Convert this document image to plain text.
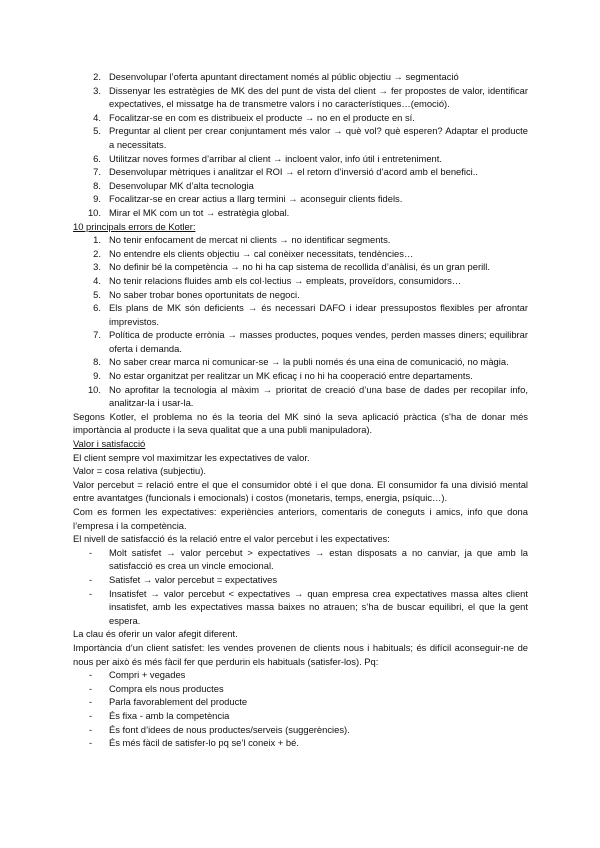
2. Desenvolupar l’oferta apuntant directament només al públic objectiu → segmentació
3. Dissenyar les estratègies de MK des del punt de vista del client → fer propostes de valor, identificar expectatives, el missatge ha de transmetre valors i no característiques…(emoció).
4. Focalitzar-se en com es distribueix el producte → no en el producte en sí.
5. Preguntar al client per crear conjuntament més valor → què vol? què esperen? Adaptar el producte a necessitats.
6. Utilitzar noves formes d’arribar al client → incloent valor, info útil i entreteniment.
7. Desenvolupar mètriques i analitzar el ROI → el retorn d’inversió d’acord amb el benefici..
8. Desenvolupar MK d’alta tecnologia
9. Focalitzar-se en crear actius a llarg termini → aconseguir clients fidels.
10. Mirar el MK com un tot → estratègia global.

10 principals errors de Kotler:

1. No tenir enfocament de mercat ni clients → no identificar segments.
2. No entendre els clients objectiu → cal conèixer necessitats, tendències…
3. No definir bé la competència → no hi ha cap sistema de recollida d’anàlisi, és un gran perill.
4. No tenir relacions fluides amb els col·lectius → empleats, proveïdors, consumidors…
5. No saber trobar bones oportunitats de negoci.
6. Els plans de MK són deficients → és necessari DAFO i idear pressupostos flexibles per afrontar imprevistos.
7. Política de producte errònia → masses productes, poques vendes, perden masses diners; equilibrar oferta i demanda.
8. No saber crear marca ni comunicar-se → la publi només és una eina de comunicació, no màgia.
9. No estar organitzat per realitzar un MK eficaç i no hi ha cooperació entre departaments.
10. No aprofitar la tecnologia al màxim → prioritat de creació d’una base de dades per recopilar info, analitzar-la i usar-la.

Segons Kotler, el problema no és la teoria del MK sinó la seva aplicació pràctica (s’ha de donar més importància al producte i la seva qualitat que a una publi manipuladora).

Valor i satisfacció

El client sempre vol maximitzar les expectatives de valor.

Valor = cosa relativa (subjectiu).

Valor percebut = relació entre el que el consumidor obté i el que dona. El consumidor fa una divisió mental entre avantatges (funcionals i emocionals) i costos (monetaris, temps, energia, psíquic…).

Com es formen les expectatives: experiències anteriors, comentaris de coneguts i amics, info que dona l’empresa i la competència.

El nivell de satisfacció és la relació entre el valor percebut i les expectatives:

-	Molt satisfet → valor percebut > expectatives → estan disposats a no canviar, ja que amb la satisfacció es crea un vincle emocional.
-	Satisfet → valor percebut = expectatives
-	Insatisfet → valor percebut < expectatives → quan empresa crea expectatives massa altes client insatisfet, amb les expectatives massa baixes no atrauen; s’ha de buscar equilibri, el que la gent espera.

La clau és oferir un valor afegit diferent.

Importància d’un client satisfet: les vendes provenen de clients nous i habituals; és difícil aconseguir-ne de nous per això és més fàcil fer que perdurin els habituals (satisfer-los). Pq:

-	Compri + vegades
-	Compra els nous productes
-	Parla favorablement del producte
-	És fixa - amb la competència
-	És font d’idees de nous productes/serveis (suggerències).
-	És més fàcil de satisfer-lo pq se’l coneix + bé.
